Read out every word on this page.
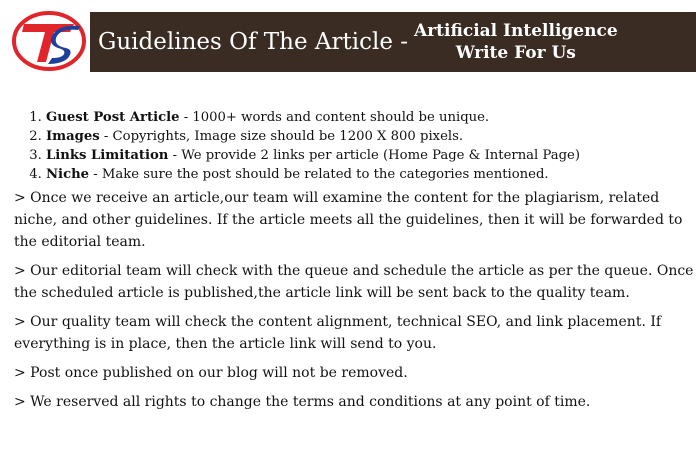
Guidelines Of The Article - Artificial Intelligence
Write For Us
1. Guest Post Article - 1000+ words and content should be unique.
2. Images - Copyrights, Image size should be 1200 X 800 pixels.
3. Links Limitation - We provide 2 links per article (Home Page & Internal Page)
4. Niche - Make sure the post should be related to the categories mentioned.

> Once we receive an article,our team will examine the content for the plagiarism, related niche, and other guidelines. If the article meets all the guidelines, then it will be forwarded to the editorial team.

> Our editorial team will check with the queue and schedule the article as per the queue. Once the scheduled article is published,the article link will be sent back to the quality team.

> Our quality team will check the content alignment, technical SEO, and link placement. If everything is in place, then the article link will send to you.

> Post once published on our blog will not be removed.

> We reserved all rights to change the terms and conditions at any point of time.
